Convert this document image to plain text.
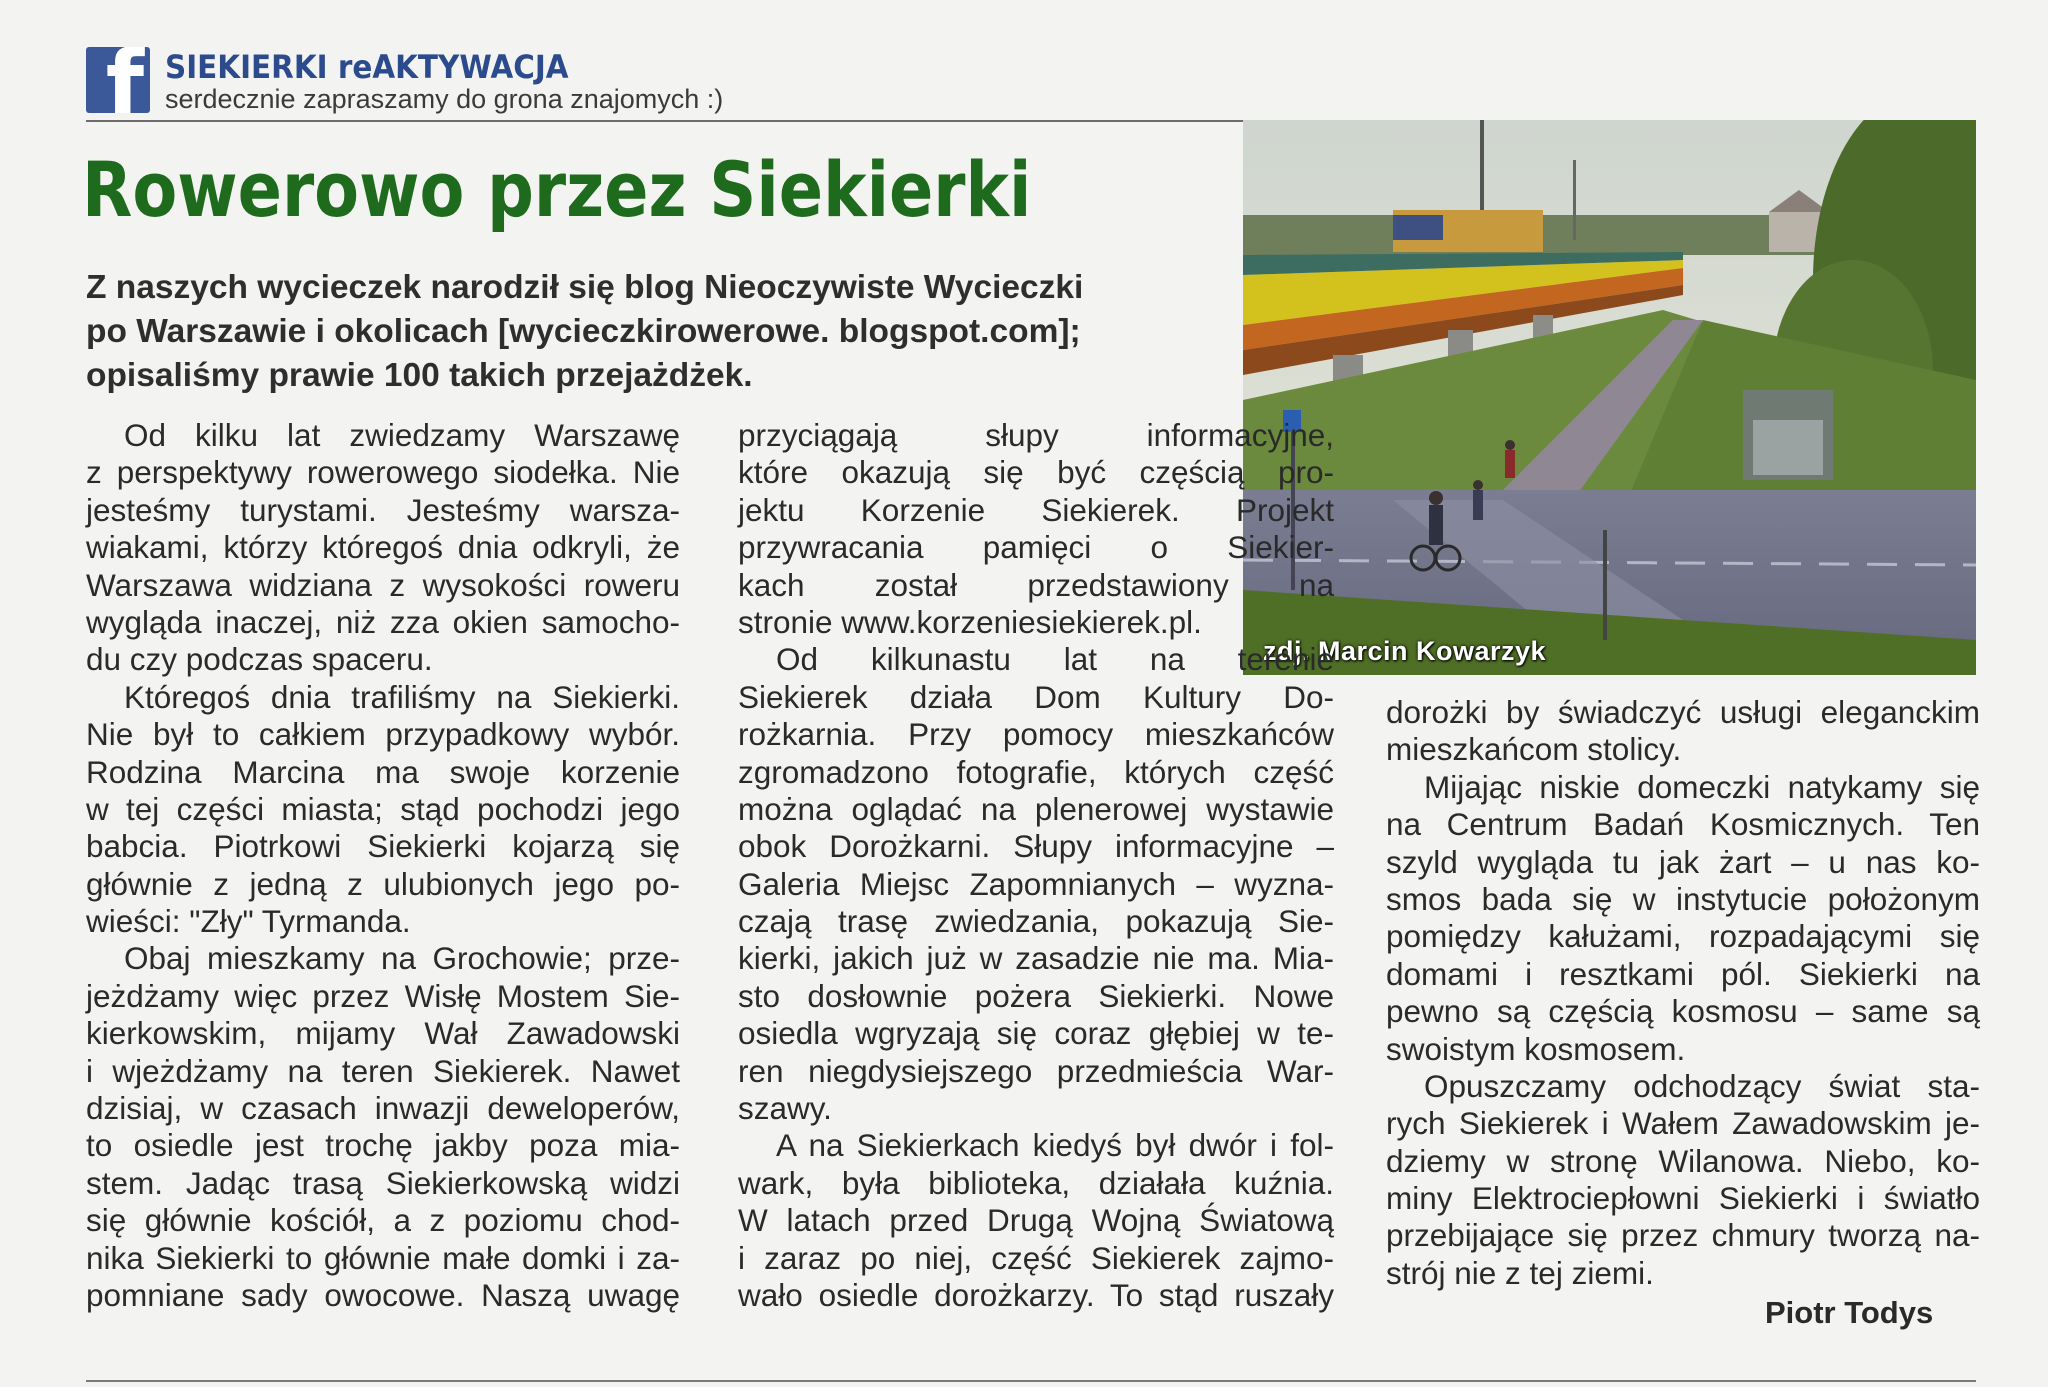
f SIEKIERKI reAKTYWACJA
serdecznie zapraszamy do grona znajomych :)
Rowerowo przez Siekierki
Z naszych wycieczek narodził się blog Nieoczywiste Wycieczki
po Warszawie i okolicach [wycieczkirowerowe. blogspot.com];
opisaliśmy prawie 100 takich przejażdżek.
zdj. Marcin Kowarzyk
Od kilku lat zwiedzamy Warszawę
z perspektywy rowerowego siodełka. Nie
jesteśmy turystami. Jesteśmy warsza-
wiakami, którzy któregoś dnia odkryli, że
Warszawa widziana z wysokości roweru
wygląda inaczej, niż zza okien samocho-
du czy podczas spaceru.
Któregoś dnia trafiliśmy na Siekierki.
Nie był to całkiem przypadkowy wybór.
Rodzina Marcina ma swoje korzenie
w tej części miasta; stąd pochodzi jego
babcia. Piotrkowi Siekierki kojarzą się
głównie z jedną z ulubionych jego po-
wieści: "Zły" Tyrmanda.
Obaj mieszkamy na Grochowie; prze-
jeżdżamy więc przez Wisłę Mostem Sie-
kierkowskim, mijamy Wał Zawadowski
i wjeżdżamy na teren Siekierek. Nawet
dzisiaj, w czasach inwazji deweloperów,
to osiedle jest trochę jakby poza mia-
stem. Jadąc trasą Siekierkowską widzi
się głównie kościół, a z poziomu chod-
nika Siekierki to głównie małe domki i za-
pomniane sady owocowe. Naszą uwagę
przyciągają słupy informacyjne,
które okazują się być częścią pro-
jektu Korzenie Siekierek. Projekt
przywracania pamięci o Siekier-
kach został przedstawiony na
stronie www.korzeniesiekierek.pl.
Od kilkunastu lat na terenie
Siekierek działa Dom Kultury Do-
rożkarnia. Przy pomocy mieszkańców
zgromadzono fotografie, których część
można oglądać na plenerowej wystawie
obok Dorożkarni. Słupy informacyjne –
Galeria Miejsc Zapomnianych – wyzna-
czają trasę zwiedzania, pokazują Sie-
kierki, jakich już w zasadzie nie ma. Mia-
sto dosłownie pożera Siekierki. Nowe
osiedla wgryzają się coraz głębiej w te-
ren niegdysiejszego przedmieścia War-
szawy.
A na Siekierkach kiedyś był dwór i fol-
wark, była biblioteka, działała kuźnia.
W latach przed Drugą Wojną Światową
i zaraz po niej, część Siekierek zajmo-
wało osiedle dorożkarzy. To stąd ruszały
dorożki by świadczyć usługi eleganckim
mieszkańcom stolicy.
Mijając niskie domeczki natykamy się
na Centrum Badań Kosmicznych. Ten
szyld wygląda tu jak żart – u nas ko-
smos bada się w instytucie położonym
pomiędzy kałużami, rozpadającymi się
domami i resztkami pól. Siekierki na
pewno są częścią kosmosu – same są
swoistym kosmosem.
Opuszczamy odchodzący świat sta-
rych Siekierek i Wałem Zawadowskim je-
dziemy w stronę Wilanowa. Niebo, ko-
miny Elektrociepłowni Siekierki i światło
przebijające się przez chmury tworzą na-
strój nie z tej ziemi.
Piotr Todys
